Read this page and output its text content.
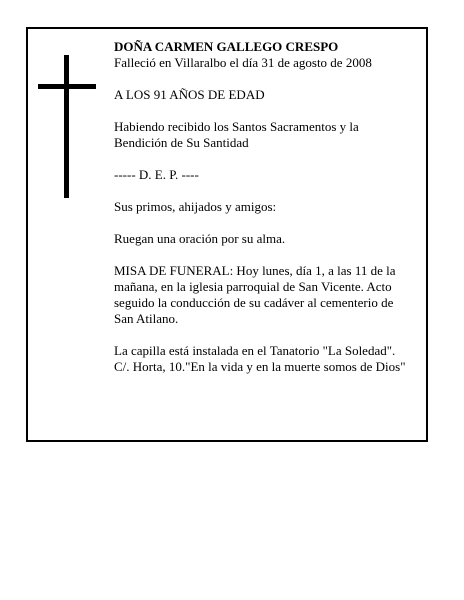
DOÑA CARMEN GALLEGO CRESPO

Falleció en Villaralbo el día 31 de agosto de 2008

A LOS 91 AÑOS DE EDAD

Habiendo recibido los Santos Sacramentos y la

Bendición de Su Santidad

----- D. E. P. ----

Sus primos, ahijados y amigos:

Ruegan una oración por su alma.

MISA DE FUNERAL: Hoy lunes, día 1, a las 11 de la

mañana, en la iglesia parroquial de San Vicente. Acto

seguido la conducción de su cadáver al cementerio de

San Atilano.

La capilla está instalada en el Tanatorio "La Soledad".

C/. Horta, 10."En la vida y en la muerte somos de Dios"
